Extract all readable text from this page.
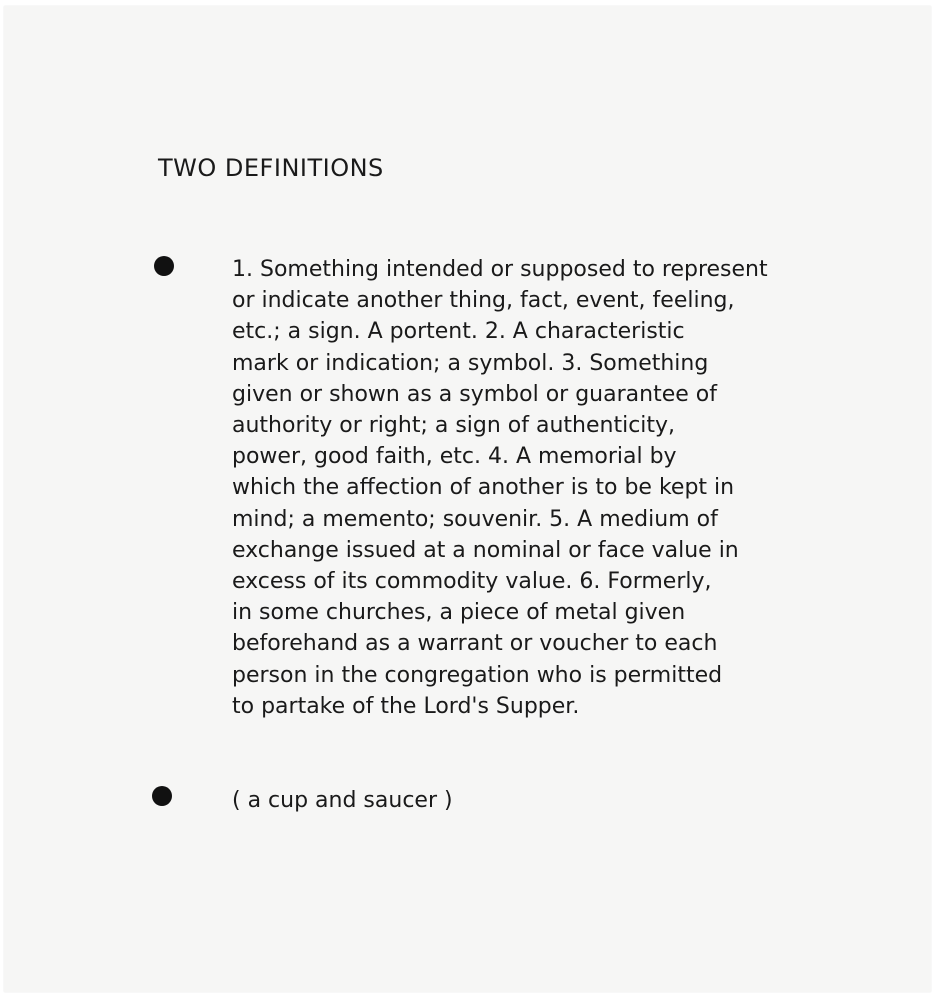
TWO DEFINITIONS

1. Something intended or supposed to represent
or indicate another thing, fact, event, feeling,
etc.; a sign. A portent. 2. A characteristic
mark or indication; a symbol. 3. Something
given or shown as a symbol or guarantee of
authority or right; a sign of authenticity,
power, good faith, etc. 4. A memorial by
which the affection of another is to be kept in
mind; a memento; souvenir. 5. A medium of
exchange issued at a nominal or face value in
excess of its commodity value. 6. Formerly,
in some churches, a piece of metal given
beforehand as a warrant or voucher to each
person in the congregation who is permitted
to partake of the Lord's Supper.

( a cup and saucer )
